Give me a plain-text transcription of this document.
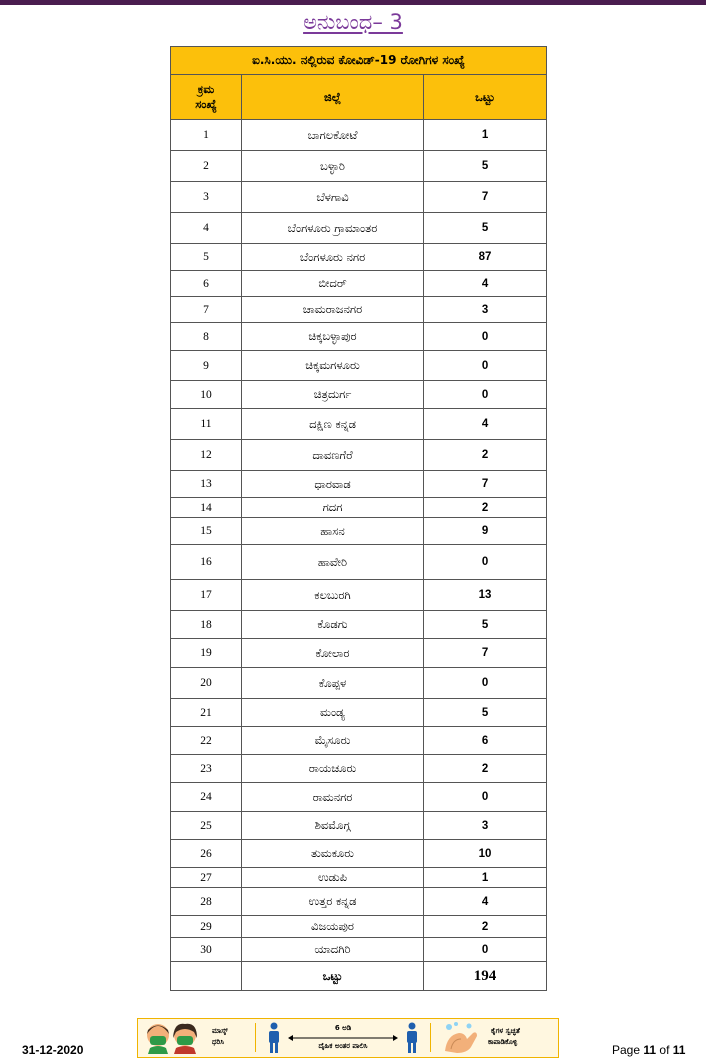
ಅನುಬಂಧ– 3
ಐ.ಸಿ.ಯು. ನಲ್ಲಿರುವ ಕೋವಿಡ್-19 ರೋಗಿಗಳ ಸಂಖ್ಯೆ		
ಕ್ರಮ
ಸಂಖ್ಯೆ	ಜಿಲ್ಲೆ	ಒಟ್ಟು
1	ಬಾಗಲಕೋಟೆ	1
2	ಬಳ್ಳಾರಿ	5
3	ಬೆಳಗಾವಿ	7
4	ಬೆಂಗಳೂರು ಗ್ರಾಮಾಂತರ	5
5	ಬೆಂಗಳೂರು ನಗರ	87
6	ಬೀದರ್	4
7	ಚಾಮರಾಜನಗರ	3
8	ಚಿಕ್ಕಬಳ್ಳಾಪುರ	0
9	ಚಿಕ್ಕಮಗಳೂರು	0
10	ಚಿತ್ರದುರ್ಗ	0
11	ದಕ್ಷಿಣ ಕನ್ನಡ	4
12	ದಾವಣಗೆರೆ	2
13	ಧಾರವಾಡ	7
14	ಗದಗ	2
15	ಹಾಸನ	9
16	ಹಾವೇರಿ	0
17	ಕಲಬುರಗಿ	13
18	ಕೊಡಗು	5
19	ಕೋಲಾರ	7
20	ಕೊಪ್ಪಳ	0
21	ಮಂಡ್ಯ	5
22	ಮೈಸೂರು	6
23	ರಾಯಚೂರು	2
24	ರಾಮನಗರ	0
25	ಶಿವಮೊಗ್ಗ	3
26	ತುಮಕೂರು	10
27	ಉಡುಪಿ	1
28	ಉತ್ತರ ಕನ್ನಡ	4
29	ವಿಜಯಪುರ	2
30	ಯಾದಗಿರಿ	0
	ಒಟ್ಟು	194
31-12-2020
ಮಾಸ್ಕ್
ಧರಿಸಿ
6 ಅಡಿ
ದೈಹಿಕ ಅಂತರ ಪಾಲಿಸಿ
ಕೈಗಳ ಸ್ವಚ್ಛತೆ
ಕಾಪಾಡಿಕೊಳ್ಳಿ
Page 11 of 11
